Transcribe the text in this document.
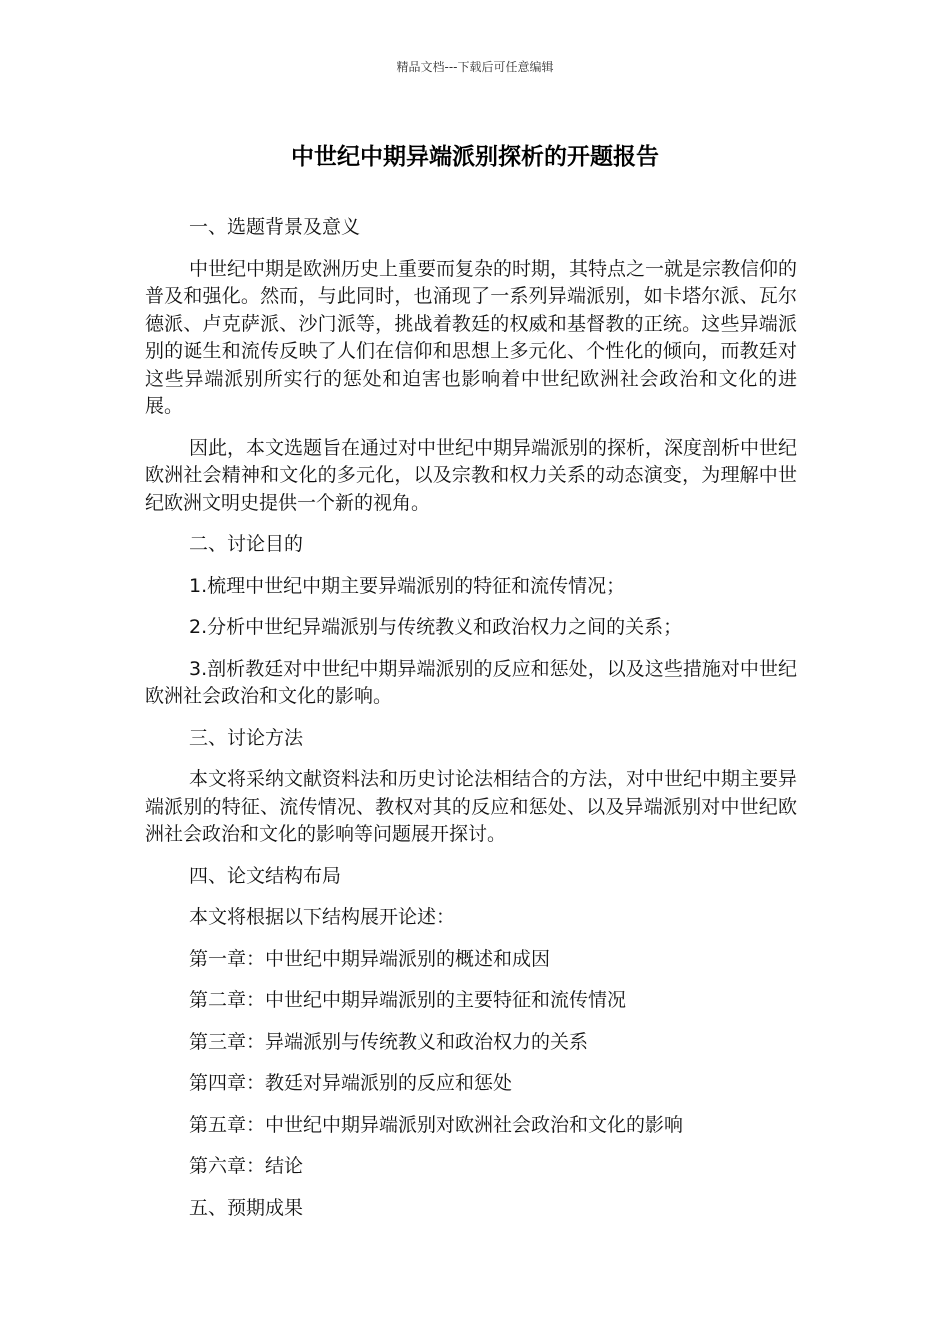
精品文档---下载后可任意编辑
中世纪中期异端派别探析的开题报告

一、选题背景及意义

中世纪中期是欧洲历史上重要而复杂的时期，其特点之一就是宗教信仰的普及和强化。然而，与此同时，也涌现了一系列异端派别，如卡塔尔派、瓦尔德派、卢克萨派、沙门派等，挑战着教廷的权威和基督教的正统。这些异端派别的诞生和流传反映了人们在信仰和思想上多元化、个性化的倾向，而教廷对这些异端派别所实行的惩处和迫害也影响着中世纪欧洲社会政治和文化的进展。

因此，本文选题旨在通过对中世纪中期异端派别的探析，深度剖析中世纪欧洲社会精神和文化的多元化，以及宗教和权力关系的动态演变，为理解中世纪欧洲文明史提供一个新的视角。

二、讨论目的

1.梳理中世纪中期主要异端派别的特征和流传情况；

2.分析中世纪异端派别与传统教义和政治权力之间的关系；

3.剖析教廷对中世纪中期异端派别的反应和惩处，以及这些措施对中世纪欧洲社会政治和文化的影响。

三、讨论方法

本文将采纳文献资料法和历史讨论法相结合的方法，对中世纪中期主要异端派别的特征、流传情况、教权对其的反应和惩处、以及异端派别对中世纪欧洲社会政治和文化的影响等问题展开探讨。

四、论文结构布局

本文将根据以下结构展开论述：

第一章：中世纪中期异端派别的概述和成因
第二章：中世纪中期异端派别的主要特征和流传情况
第三章：异端派别与传统教义和政治权力的关系
第四章：教廷对异端派别的反应和惩处
第五章：中世纪中期异端派别对欧洲社会政治和文化的影响
第六章：结论

五、预期成果
